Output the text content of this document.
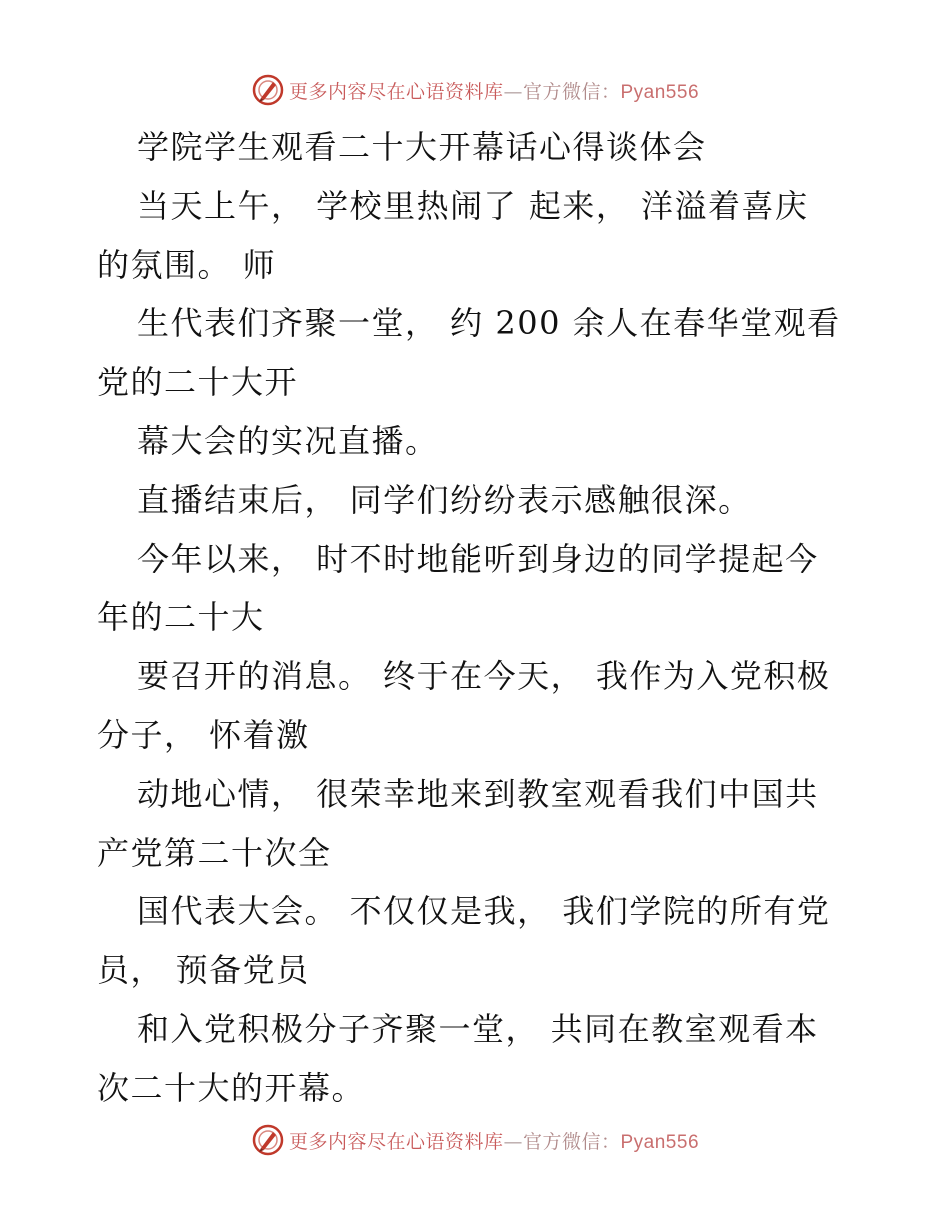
更多内容尽在心语资料库—官方微信：Pyan556
学院学生观看二十大开幕话心得谈体会
当天上午， 学校里热闹了 起来， 洋溢着喜庆
的氛围。 师
生代表们齐聚一堂， 约 200 余人在春华堂观看
党的二十大开
幕大会的实况直播。
直播结束后， 同学们纷纷表示感触很深。
今年以来， 时不时地能听到身边的同学提起今
年的二十大
要召开的消息。 终于在今天， 我作为入党积极
分子， 怀着激
动地心情， 很荣幸地来到教室观看我们中国共
产党第二十次全
国代表大会。 不仅仅是我， 我们学院的所有党
员， 预备党员
和入党积极分子齐聚一堂， 共同在教室观看本
次二十大的开幕。
更多内容尽在心语资料库—官方微信：Pyan556
